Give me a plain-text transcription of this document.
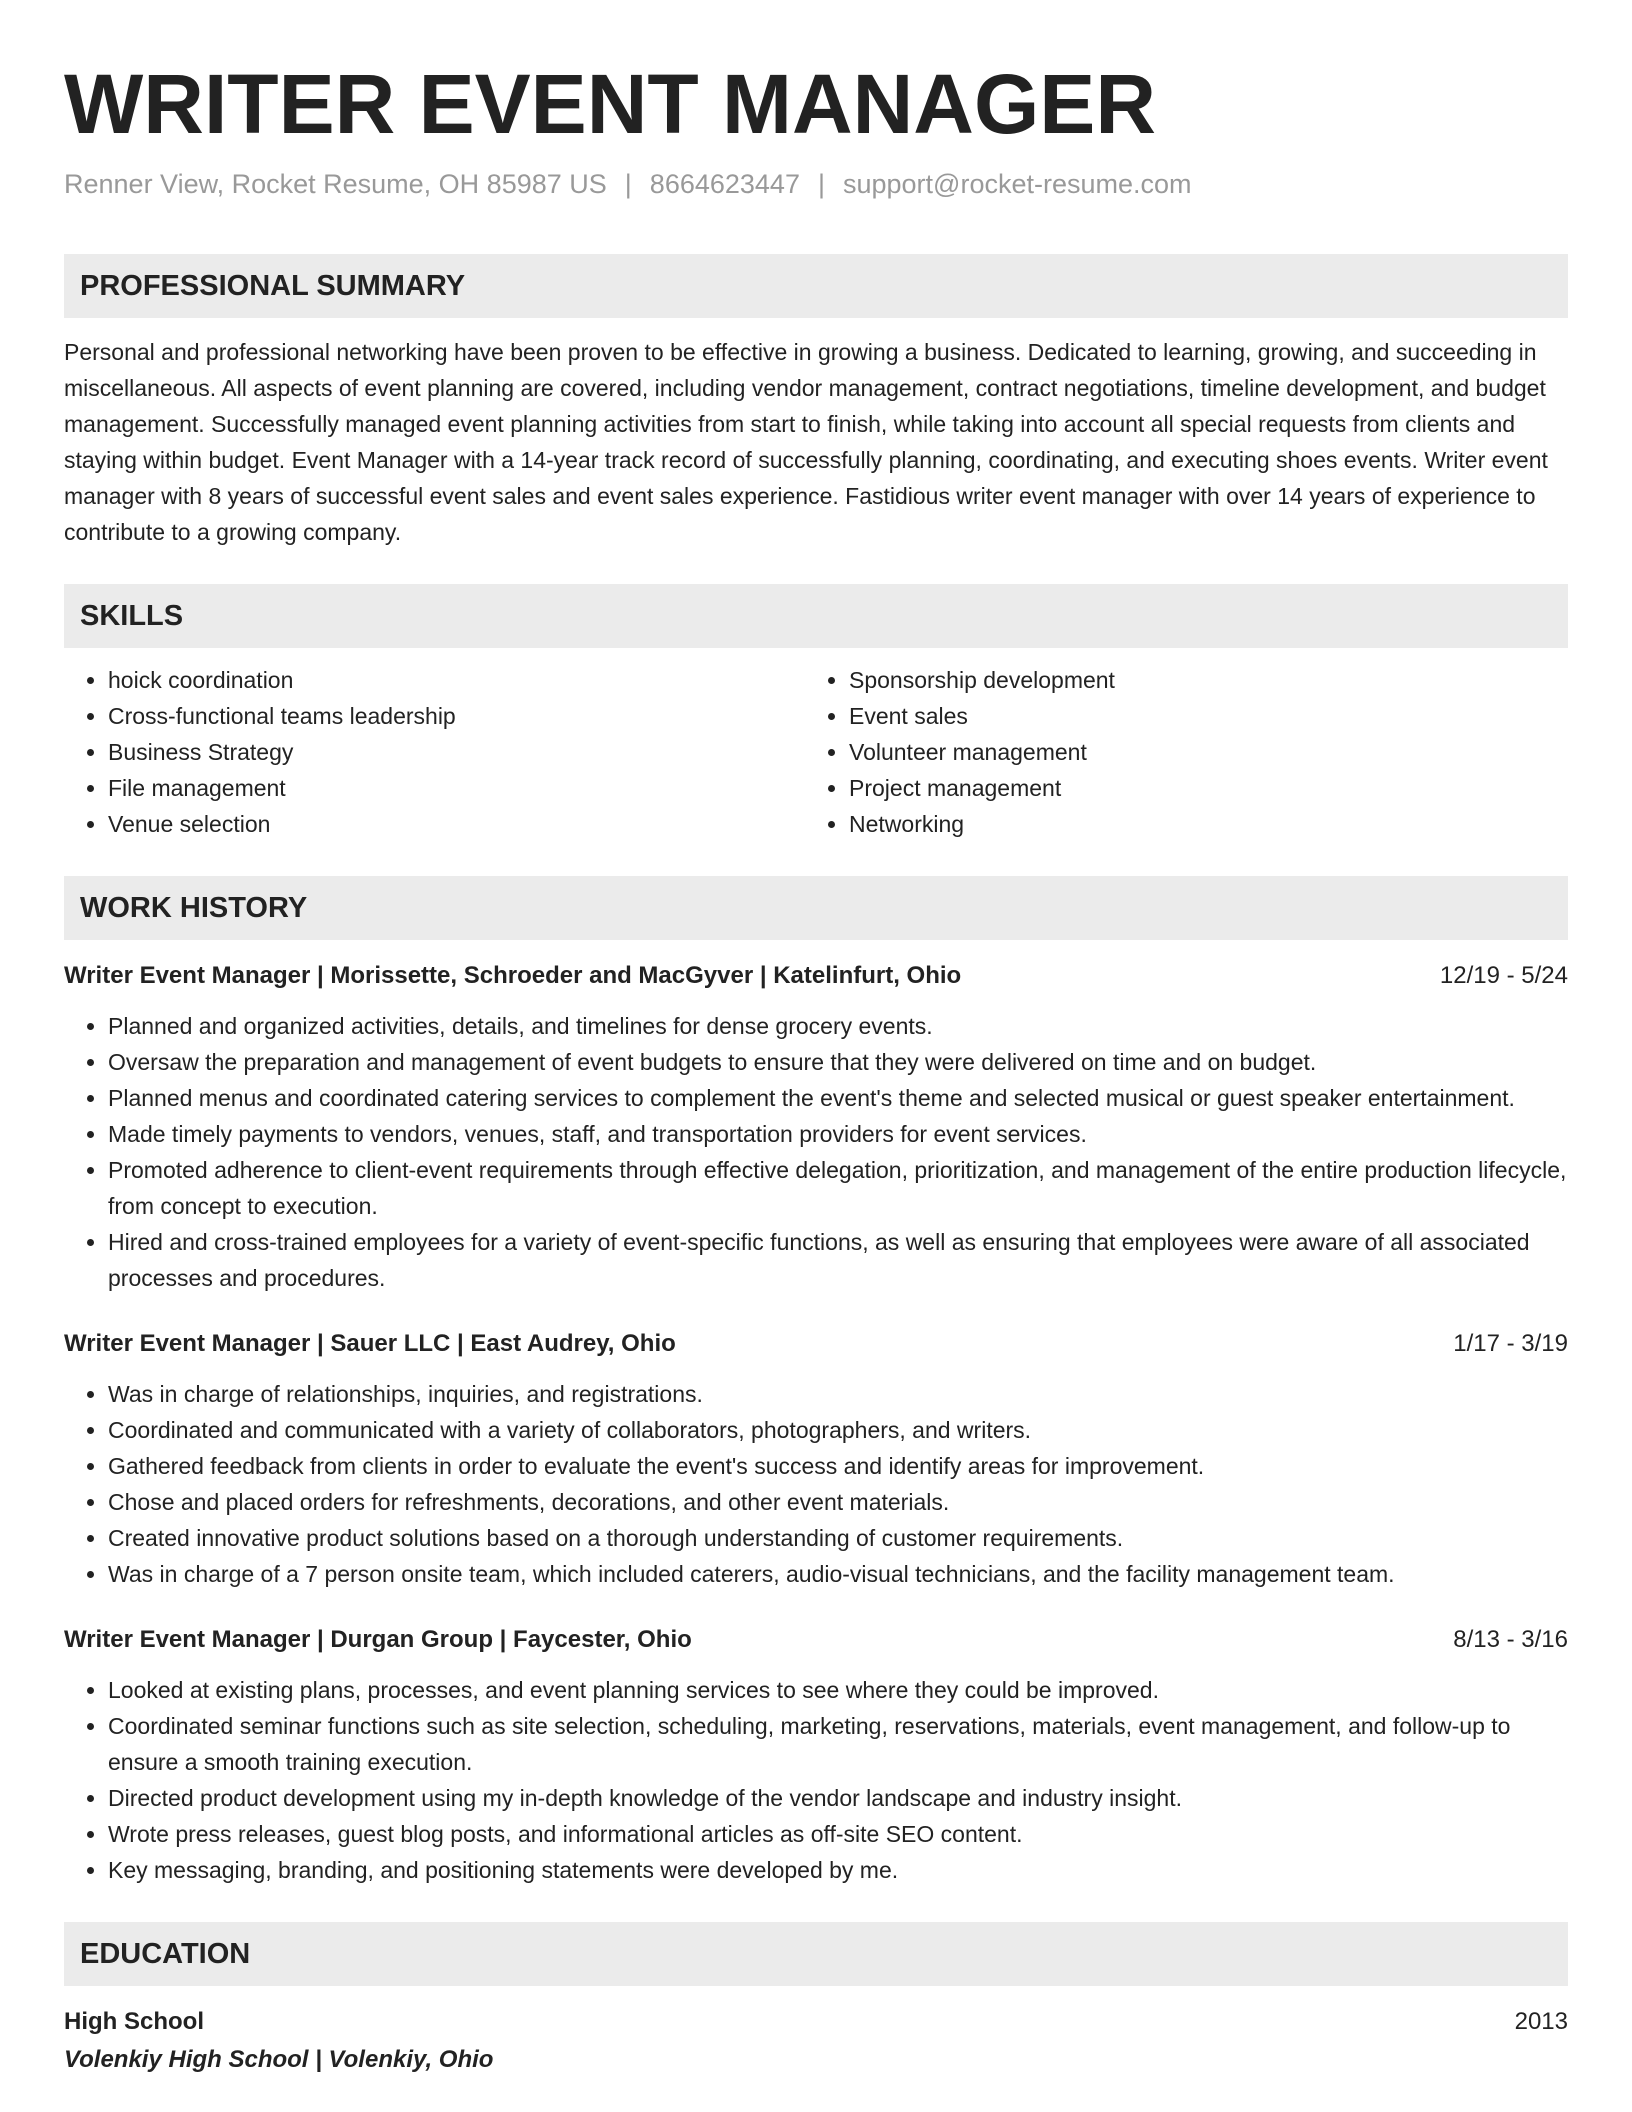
WRITER EVENT MANAGER
Renner View, Rocket Resume, OH 85987 US | 8664623447 | support@rocket-resume.com
PROFESSIONAL SUMMARY
Personal and professional networking have been proven to be effective in growing a business. Dedicated to learning, growing, and succeeding in miscellaneous. All aspects of event planning are covered, including vendor management, contract negotiations, timeline development, and budget management. Successfully managed event planning activities from start to finish, while taking into account all special requests from clients and staying within budget. Event Manager with a 14-year track record of successfully planning, coordinating, and executing shoes events. Writer event manager with 8 years of successful event sales and event sales experience. Fastidious writer event manager with over 14 years of experience to contribute to a growing company.
SKILLS
• hoick coordination
• Cross-functional teams leadership
• Business Strategy
• File management
• Venue selection
• Sponsorship development
• Event sales
• Volunteer management
• Project management
• Networking
WORK HISTORY
Writer Event Manager | Morissette, Schroeder and MacGyver | Katelinfurt, Ohio	12/19 - 5/24
• Planned and organized activities, details, and timelines for dense grocery events.
• Oversaw the preparation and management of event budgets to ensure that they were delivered on time and on budget.
• Planned menus and coordinated catering services to complement the event's theme and selected musical or guest speaker entertainment.
• Made timely payments to vendors, venues, staff, and transportation providers for event services.
• Promoted adherence to client-event requirements through effective delegation, prioritization, and management of the entire production lifecycle, from concept to execution.
• Hired and cross-trained employees for a variety of event-specific functions, as well as ensuring that employees were aware of all associated processes and procedures.
Writer Event Manager | Sauer LLC | East Audrey, Ohio	1/17 - 3/19
• Was in charge of relationships, inquiries, and registrations.
• Coordinated and communicated with a variety of collaborators, photographers, and writers.
• Gathered feedback from clients in order to evaluate the event's success and identify areas for improvement.
• Chose and placed orders for refreshments, decorations, and other event materials.
• Created innovative product solutions based on a thorough understanding of customer requirements.
• Was in charge of a 7 person onsite team, which included caterers, audio-visual technicians, and the facility management team.
Writer Event Manager | Durgan Group | Faycester, Ohio	8/13 - 3/16
• Looked at existing plans, processes, and event planning services to see where they could be improved.
• Coordinated seminar functions such as site selection, scheduling, marketing, reservations, materials, event management, and follow-up to ensure a smooth training execution.
• Directed product development using my in-depth knowledge of the vendor landscape and industry insight.
• Wrote press releases, guest blog posts, and informational articles as off-site SEO content.
• Key messaging, branding, and positioning statements were developed by me.
EDUCATION
High School	2013
Volenkiy High School | Volenkiy, Ohio
